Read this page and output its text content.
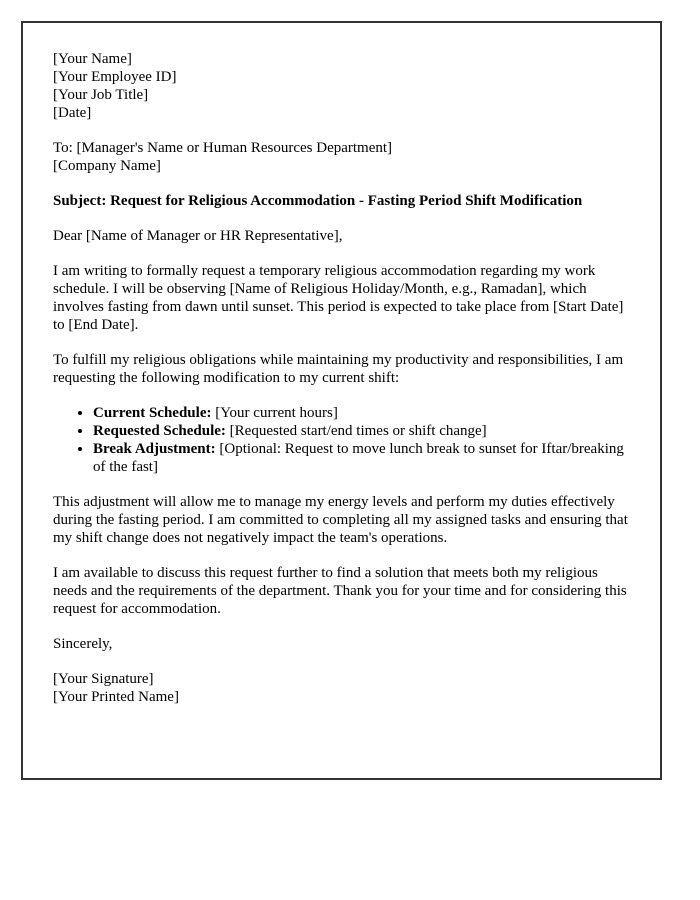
[Your Name]
[Your Employee ID]
[Your Job Title]
[Date]

To: [Manager's Name or Human Resources Department]
[Company Name]

Subject: Request for Religious Accommodation - Fasting Period Shift Modification

Dear [Name of Manager or HR Representative],

I am writing to formally request a temporary religious accommodation regarding my work schedule. I will be observing [Name of Religious Holiday/Month, e.g., Ramadan], which involves fasting from dawn until sunset. This period is expected to take place from [Start Date] to [End Date].

To fulfill my religious obligations while maintaining my productivity and responsibilities, I am requesting the following modification to my current shift:

• Current Schedule: [Your current hours]
• Requested Schedule: [Requested start/end times or shift change]
• Break Adjustment: [Optional: Request to move lunch break to sunset for Iftar/breaking of the fast]

This adjustment will allow me to manage my energy levels and perform my duties effectively during the fasting period. I am committed to completing all my assigned tasks and ensuring that my shift change does not negatively impact the team's operations.

I am available to discuss this request further to find a solution that meets both my religious needs and the requirements of the department. Thank you for your time and for considering this request for accommodation.

Sincerely,

[Your Signature]
[Your Printed Name]
